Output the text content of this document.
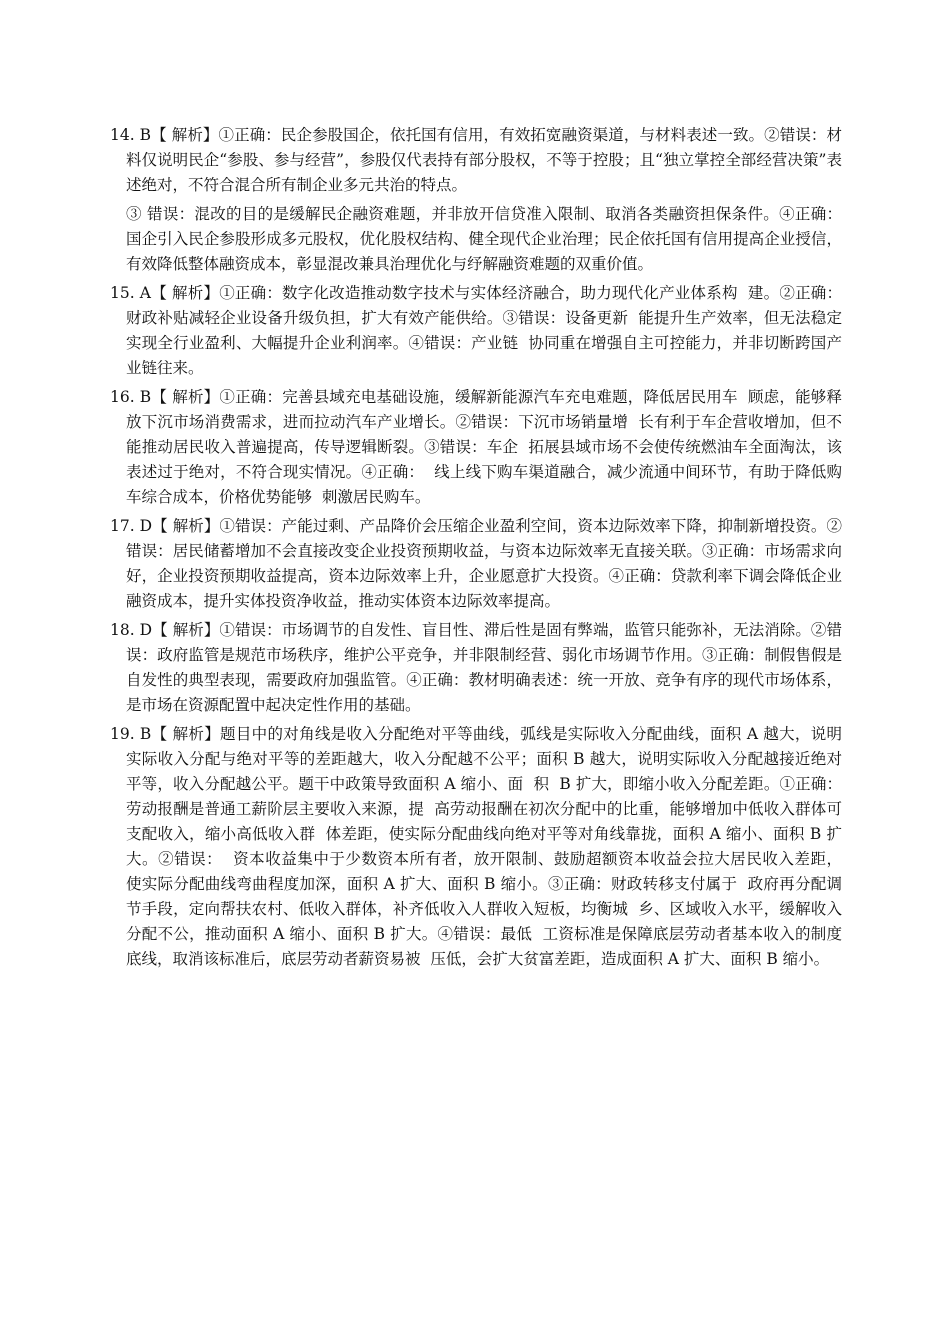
14. B【 解析】①正确：民企参股国企，依托国有信用，有效拓宽融资渠道，与材料表述一致。②错误：材料仅说明民企“参股、参与经营”，参股仅代表持有部分股权，不等于控股；且“独立掌控全部经营决策”表述绝对，不符合混合所有制企业多元共治的特点。

③ 错误：混改的目的是缓解民企融资难题，并非放开信贷准入限制、取消各类融资担保条件。④正确：国企引入民企参股形成多元股权，优化股权结构、健全现代企业治理；民企依托国有信用提高企业授信，有效降低整体融资成本，彰显混改兼具治理优化与纾解融资难题的双重价值。

15. A【 解析】①正确：数字化改造推动数字技术与实体经济融合，助力现代化产业体系构  建。②正确：财政补贴减轻企业设备升级负担，扩大有效产能供给。③错误：设备更新  能提升生产效率，但无法稳定实现全行业盈利、大幅提升企业利润率。④错误：产业链  协同重在增强自主可控能力，并非切断跨国产业链往来。

16. B【 解析】①正确：完善县域充电基础设施，缓解新能源汽车充电难题，降低居民用车  顾虑，能够释放下沉市场消费需求，进而拉动汽车产业增长。②错误：下沉市场销量增  长有利于车企营收增加，但不能推动居民收入普遍提高，传导逻辑断裂。③错误：车企  拓展县域市场不会使传统燃油车全面淘汰，该表述过于绝对，不符合现实情况。④正确：  线上线下购车渠道融合，减少流通中间环节，有助于降低购车综合成本，价格优势能够  刺激居民购车。

17. D【 解析】①错误：产能过剩、产品降价会压缩企业盈利空间，资本边际效率下降，抑制新增投资。②错误：居民储蓄增加不会直接改变企业投资预期收益，与资本边际效率无直接关联。③正确：市场需求向好，企业投资预期收益提高，资本边际效率上升，企业愿意扩大投资。④正确：贷款利率下调会降低企业融资成本，提升实体投资净收益，推动实体资本边际效率提高。

18. D【 解析】①错误：市场调节的自发性、盲目性、滞后性是固有弊端，监管只能弥补，无法消除。②错误：政府监管是规范市场秩序，维护公平竞争，并非限制经营、弱化市场调节作用。③正确：制假售假是自发性的典型表现，需要政府加强监管。④正确：教材明确表述：统一开放、竞争有序的现代市场体系，是市场在资源配置中起决定性作用的基础。

19. B【 解析】题目中的对角线是收入分配绝对平等曲线，弧线是实际收入分配曲线，面积 A 越大，说明实际收入分配与绝对平等的差距越大，收入分配越不公平；面积 B 越大，说明实际收入分配越接近绝对平等，收入分配越公平。题干中政策导致面积 A 缩小、面  积  B 扩大，即缩小收入分配差距。①正确：劳动报酬是普通工薪阶层主要收入来源，提  高劳动报酬在初次分配中的比重，能够增加中低收入群体可支配收入，缩小高低收入群  体差距，使实际分配曲线向绝对平等对角线靠拢，面积 A 缩小、面积 B 扩大。②错误：  资本收益集中于少数资本所有者，放开限制、鼓励超额资本收益会拉大居民收入差距，  使实际分配曲线弯曲程度加深，面积 A 扩大、面积 B 缩小。③正确：财政转移支付属于  政府再分配调节手段，定向帮扶农村、低收入群体，补齐低收入人群收入短板，均衡城  乡、区域收入水平，缓解收入分配不公，推动面积 A 缩小、面积 B 扩大。④错误：最低  工资标准是保障底层劳动者基本收入的制度底线，取消该标准后，底层劳动者薪资易被  压低，会扩大贫富差距，造成面积 A 扩大、面积 B 缩小。
